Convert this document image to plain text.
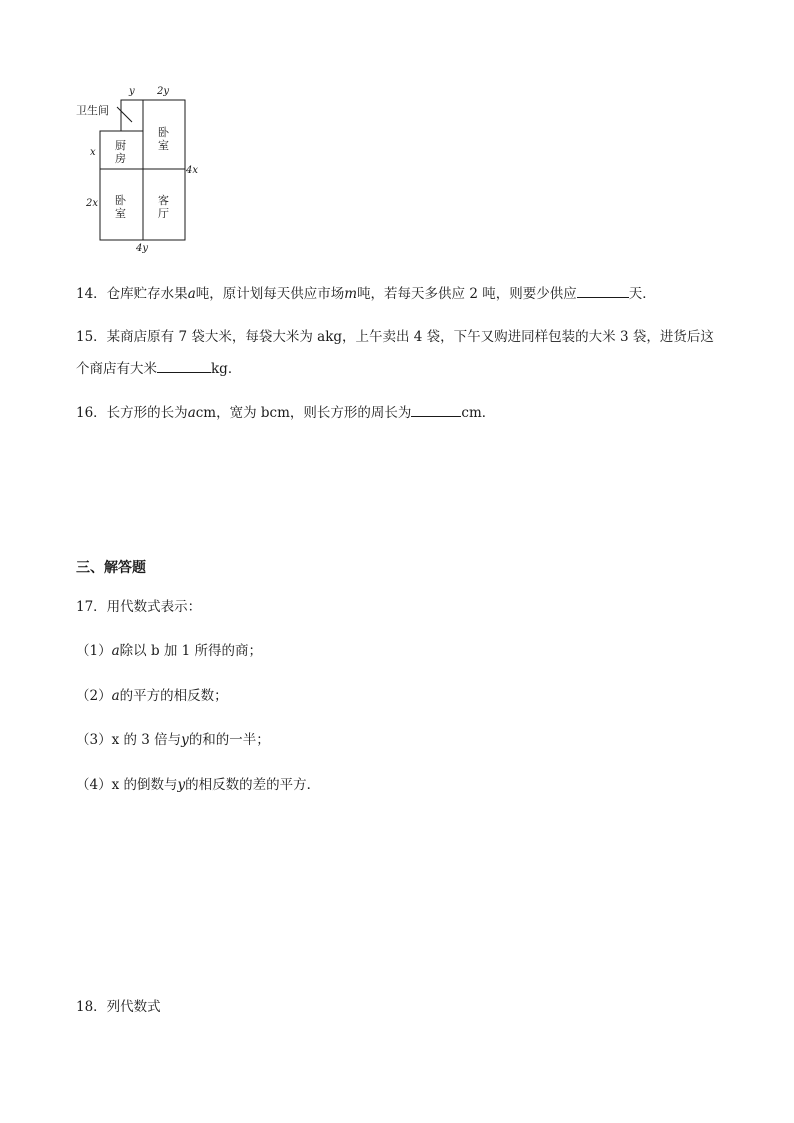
y 2y
x
2x
4x
4y
卫生间
厨
房
卧
室
卧
室
客
厅
14．仓库贮存水果a吨，原计划每天供应市场m吨，若每天多供应 2 吨，则要少供应	天．
15．某商店原有 7 袋大米，每袋大米为 akg，上午卖出 4 袋，下午又购进同样包装的大米 3 袋，进货后这
个商店有大米	kg．
16．长方形的长为acm，宽为 bcm，则长方形的周长为	cm．
三、解答题
17．用代数式表示：
（1）a除以 b 加 1 所得的商；
（2）a的平方的相反数；
（3）x 的 3 倍与y的和的一半；
（4）x 的倒数与y的相反数的差的平方．
18．列代数式
